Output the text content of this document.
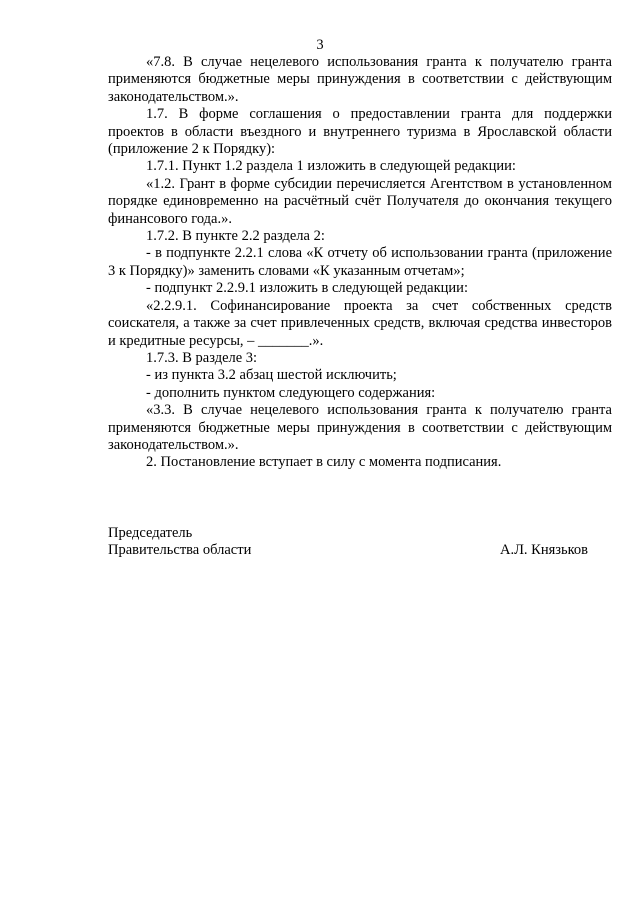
3

«7.8. В случае нецелевого использования гранта к получателю гранта применяются бюджетные меры принуждения в соответствии с действующим законодательством.».

1.7. В форме соглашения о предоставлении гранта для поддержки проектов в области въездного и внутреннего туризма в Ярославской области (приложение 2 к Порядку):

1.7.1. Пункт 1.2 раздела 1 изложить в следующей редакции:

«1.2. Грант в форме субсидии перечисляется Агентством в установленном порядке единовременно на расчётный счёт Получателя до окончания текущего финансового года.».

1.7.2. В пункте 2.2 раздела 2:

- в подпункте 2.2.1 слова «К отчету об использовании гранта (приложение 3 к Порядку)» заменить словами «К указанным отчетам»;

- подпункт 2.2.9.1 изложить в следующей редакции:

«2.2.9.1. Софинансирование проекта за счет собственных средств соискателя, а также за счет привлеченных средств, включая средства инвесторов и кредитные ресурсы, – _______.».

1.7.3. В разделе 3:

- из пункта 3.2 абзац шестой исключить;

- дополнить пунктом следующего содержания:

«3.3. В случае нецелевого использования гранта к получателю гранта применяются бюджетные меры принуждения в соответствии с действующим законодательством.».

2. Постановление вступает в силу с момента подписания.

Председатель
Правительства области	А.Л. Князьков
